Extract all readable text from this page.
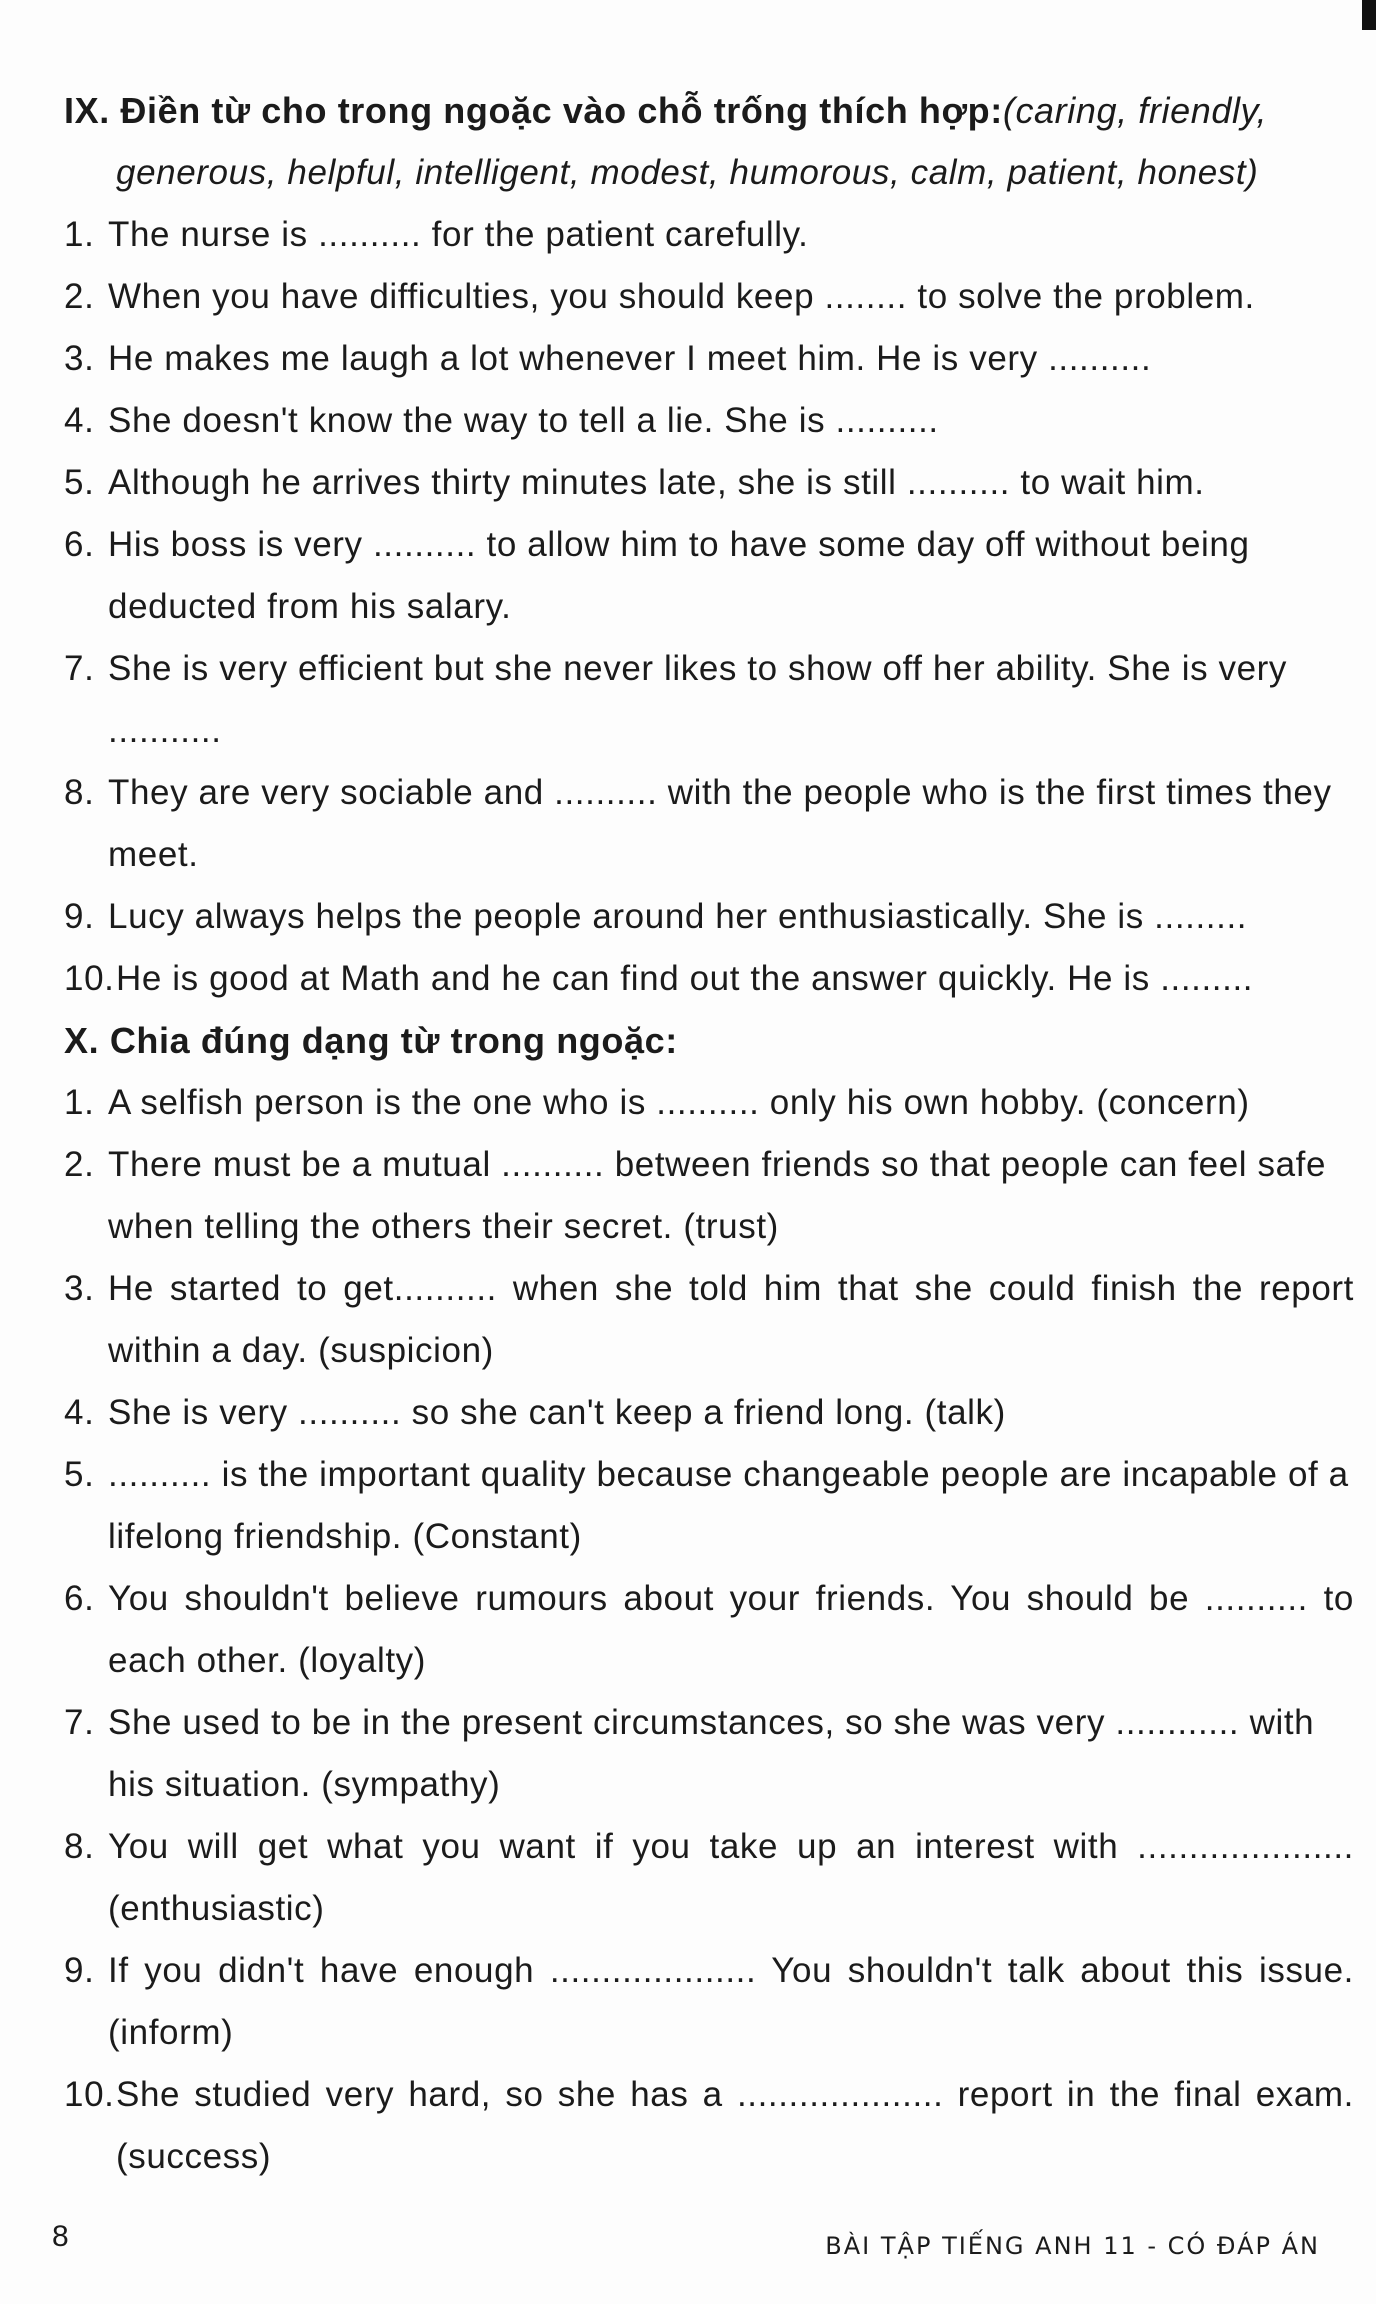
IX. Điền từ cho trong ngoặc vào chỗ trống thích hợp:(caring, friendly,
generous, helpful, intelligent, modest, humorous, calm, patient, honest)
1. The nurse is .......... for the patient carefully.
2. When you have difficulties, you should keep ........ to solve the problem.
3. He makes me laugh a lot whenever I meet him. He is very ..........
4. She doesn't know the way to tell a lie. She is ..........
5. Although he arrives thirty minutes late, she is still .......... to wait him.
6. His boss is very .......... to allow him to have some day off without being deducted from his salary.
7. She is very efficient but she never likes to show off her ability. She is very ...........
8. They are very sociable and .......... with the people who is the first times they meet.
9. Lucy always helps the people around her enthusiastically. She is .........
10. He is good at Math and he can find out the answer quickly. He is .........
X. Chia đúng dạng từ trong ngoặc:
1. A selfish person is the one who is .......... only his own hobby. (concern)
2. There must be a mutual .......... between friends so that people can feel safe when telling the others their secret. (trust)
3. He started to get.......... when she told him that she could finish the report within a day. (suspicion)
4. She is very .......... so she can't keep a friend long. (talk)
5. .......... is the important quality because changeable people are incapable of a lifelong friendship. (Constant)
6. You shouldn't believe rumours about your friends. You should be .......... to each other. (loyalty)
7. She used to be in the present circumstances, so she was very ............ with his situation. (sympathy)
8. You will get what you want if you take up an interest with ..................... (enthusiastic)
9. If you didn't have enough .................... You shouldn't talk about this issue. (inform)
10. She studied very hard, so she has a .................... report in the final exam. (success)
8	BÀI TẬP TIẾNG ANH 11 - CÓ ĐÁP ÁN
